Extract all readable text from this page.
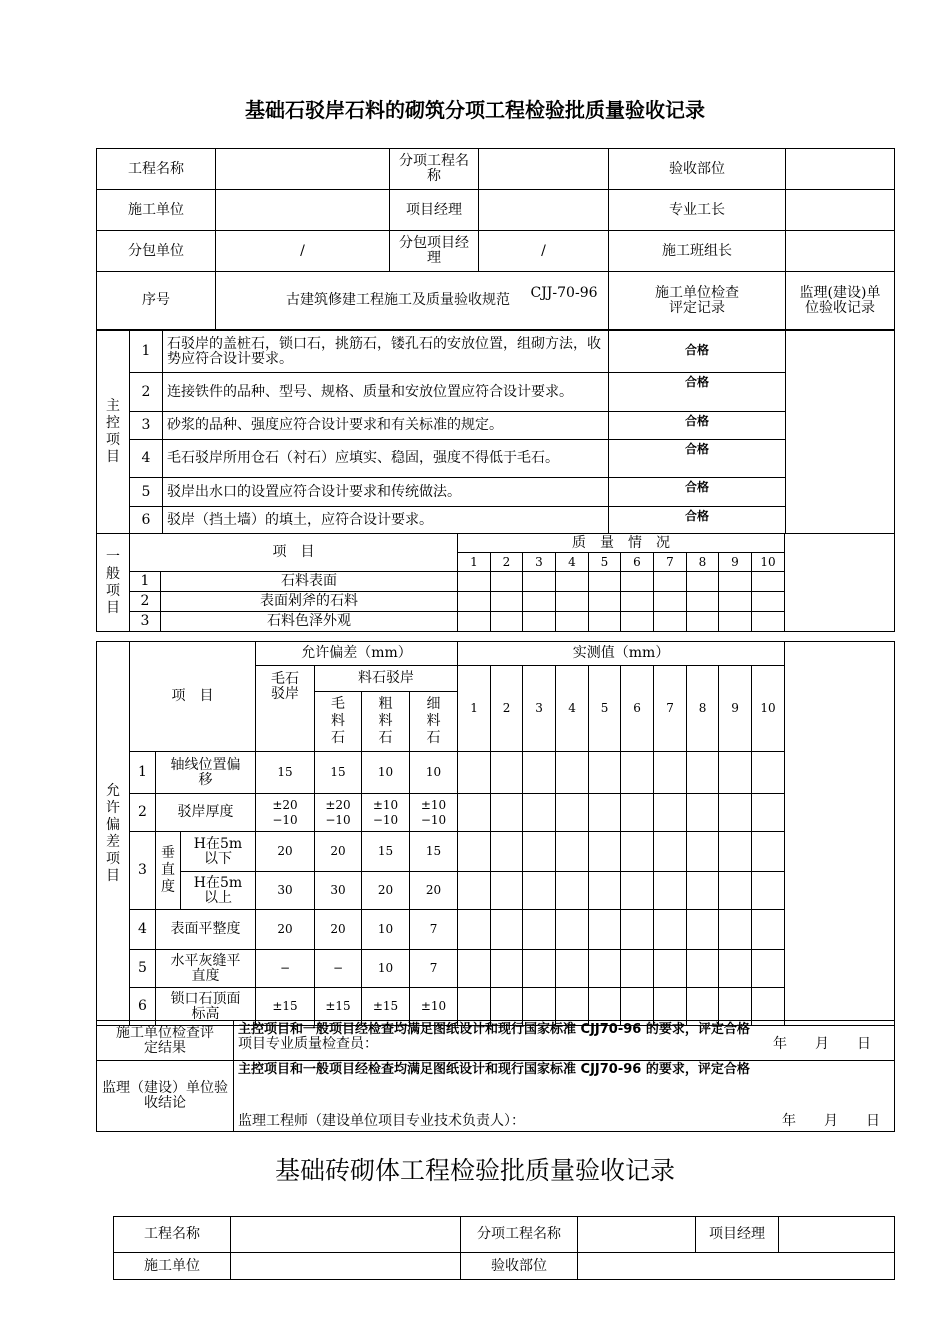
基础石驳岸石料的砌筑分项工程检验批质量验收记录
工程名称		分项工程名称		验收部位	
施工单位		项目经理		专业工长	
分包单位	/	分包项目经理	/	施工班组长	
序号	古建筑修建工程施工及质量验收规范 CJJ-70-96			施工单位检查评定记录	监理(建设)单位验收记录
主控项目	1	石驳岸的盖桩石，锁口石，挑筋石，镂孔石的安放位置，组砌方法，收势应符合设计要求。	合格	
	2	连接铁件的品种、型号、规格、质量和安放位置应符合设计要求。	合格	
	3	砂浆的品种、强度应符合设计要求和有关标准的规定。	合格	
	4	毛石驳岸所用仓石（衬石）应填实、稳固，强度不得低于毛石。	合格	
	5	驳岸出水口的设置应符合设计要求和传统做法。	合格	
	6	驳岸（挡土墙）的填土，应符合设计要求。	合格	
一般项目	项　目		质　量　情　况										
			1	2	3	4	5	6	7	8	9	10	
	1	石料表面											
	2	表面剁斧的石料											
	3	石料色泽外观											
允许偏差项目	项　目			允许偏差（mm）				实测值（mm）										
				毛石驳岸	料石驳岸			1	2	3	4	5	6	7	8	9	10	
					毛料石	粗料石	细料石											
	1	轴线位置偏移		15	15	10	10											
	2	驳岸厚度		±20 −10	±20 −10	±10 −10	±10 −10											
	3	垂直度	H在5m以下	20	20	15	15											
			H在5m以上	30	30	20	20											
	4	表面平整度		20	20	10	7											
	5	水平灰缝平直度		−	−	10	7											
	6	锁口石顶面标高		±15	±15	±15	±10											
施工单位检查评定结果	主控项目和一般项目经检查均满足图纸设计和现行国家标准 CJJ70-96 的要求，评定合格
项目专业质量检查员： 年　　月　　日

监理（建设）单位验收结论	主控项目和一般项目经检查均满足图纸设计和现行国家标准 CJJ70-96 的要求，评定合格
监理工程师（建设单位项目专业技术负责人）： 年　　月　　日
基础砖砌体工程检验批质量验收记录
工程名称		分项工程名称		项目经理	
施工单位		验收部位			
